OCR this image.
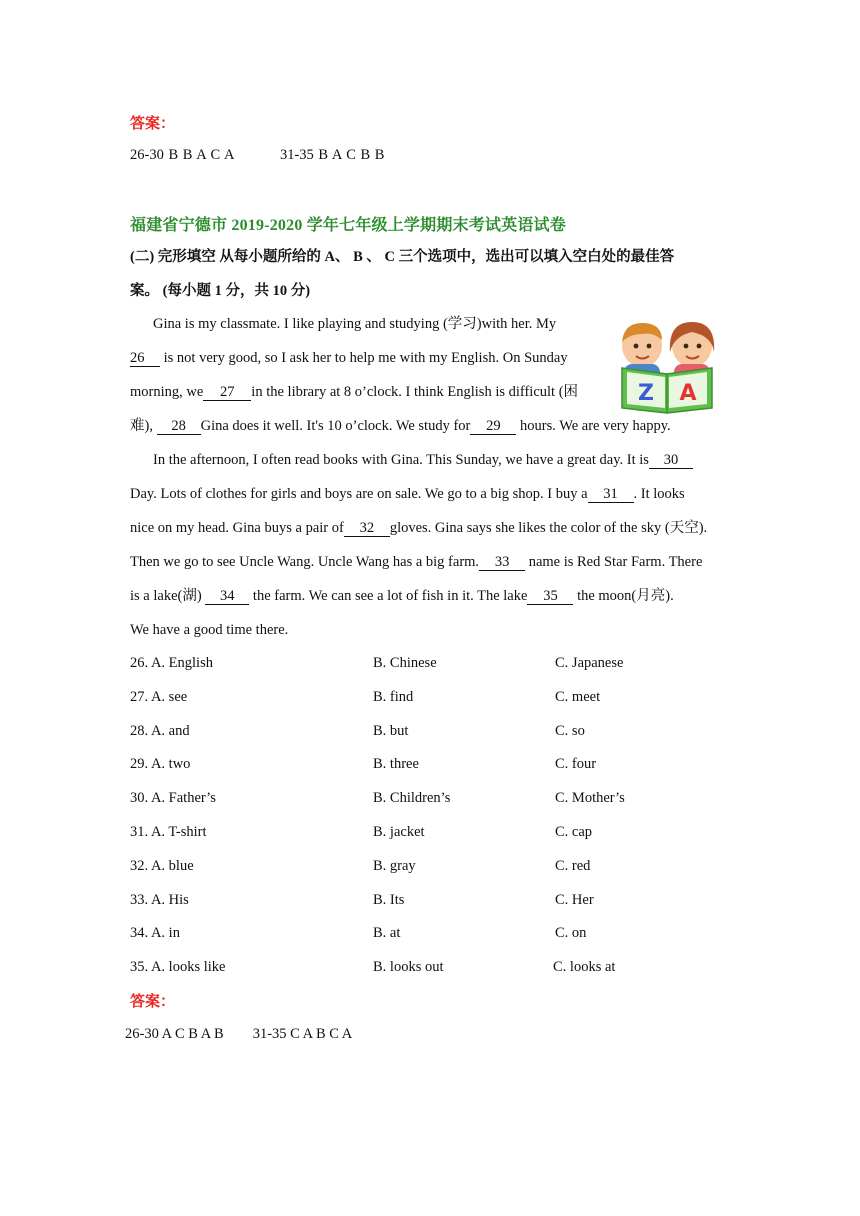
答案：
26-30 B B A C A          31-35 B A C B B
福建省宁德市 2019-2020 学年七年级上学期期末考试英语试卷
(二) 完形填空 从每小题所给的 A、 B 、 C 三个选项中，选出可以填入空白处的最佳答
案。 (每小题 1 分，共 10 分)
Gina is my classmate. I like playing and studying (学习)with her. My
26 is not very good, so I ask her to help me with my English. On Sunday
morning, we 27 in the library at 8 o’clock. I think English is difficult (困
难), 28 Gina does it well. It's 10 o’clock. We study for 29 hours. We are very happy.
In the afternoon, I often read books with Gina. This Sunday, we have a great day. It is 30
Day. Lots of clothes for girls and boys are on sale. We go to a big shop. I buy a 31 . It looks
nice on my head. Gina buys a pair of 32 gloves. Gina says she likes the color of the sky (天空).
Then we go to see Uncle Wang. Uncle Wang has a big farm. 33 name is Red Star Farm. There
is a lake(湖) 34 the farm. We can see a lot of fish in it. The lake 35 the moon(月亮).
We have a good time there.
Z A
26. A. English	B. Chinese	C. Japanese
27. A. see	B. find	C. meet
28. A. and	B. but	C. so
29. A. two	B. three	C. four
30. A. Father’s	B. Children’s	C. Mother’s
31. A. T-shirt	B. jacket	C. cap
32. A. blue	B. gray	C. red
33. A. His	B. Its	C. Her
34. A. in	B. at	C. on
35. A. looks like	B. looks out	C. looks at
答案：
26-30 A C B A B        31-35 C A B C A
